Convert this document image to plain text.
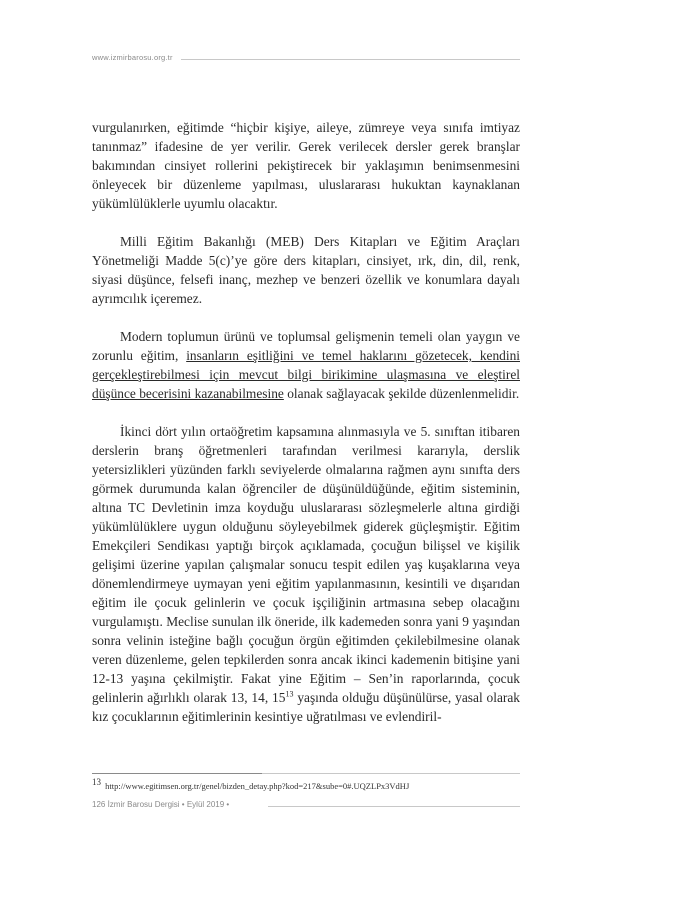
www.izmirbarosu.org.tr

vurgulanırken, eğitimde “hiçbir kişiye, aileye, zümreye veya sınıfa imtiyaz tanınmaz” ifadesine de yer verilir. Gerek verilecek dersler gerek branşlar bakımından cinsiyet rollerini pekiştirecek bir yaklaşımın benimsenmesini önleyecek bir düzenleme yapılması, uluslararası hukuktan kaynaklanan yükümlülüklerle uyumlu olacaktır.

Milli Eğitim Bakanlığı (MEB) Ders Kitapları ve Eğitim Araçları Yönetmeliği Madde 5(c)’ye göre ders kitapları, cinsiyet, ırk, din, dil, renk, siyasi düşünce, felsefi inanç, mezhep ve benzeri özellik ve konumlara dayalı ayrımcılık içeremez.

Modern toplumun ürünü ve toplumsal gelişmenin temeli olan yaygın ve zorunlu eğitim, insanların eşitliğini ve temel haklarını gözetecek, kendini gerçekleştirebilmesi için mevcut bilgi birikimine ulaşmasına ve eleştirel düşünce becerisini kazanabilmesine olanak sağlayacak şekilde düzenlenmelidir.

İkinci dört yılın ortaöğretim kapsamına alınmasıyla ve 5. sınıftan itibaren derslerin branş öğretmenleri tarafından verilmesi kararıyla, derslik yetersizlikleri yüzünden farklı seviyelerde olmalarına rağmen aynı sınıfta ders görmek durumunda kalan öğrenciler de düşünüldüğünde, eğitim sisteminin, altına TC Devletinin imza koyduğu uluslararası sözleşmelerle altına girdiği yükümlülüklere uygun olduğunu söyleyebilmek giderek güçleşmiştir. Eğitim Emekçileri Sendikası yaptığı birçok açıklamada, çocuğun bilişsel ve kişilik gelişimi üzerine yapılan çalışmalar sonucu tespit edilen yaş kuşaklarına veya dönemlendirmeye uymayan yeni eğitim yapılanmasının, kesintili ve dışarıdan eğitim ile çocuk gelinlerin ve çocuk işçiliğinin artmasına sebep olacağını vurgulamıştı. Meclise sunulan ilk öneride, ilk kademeden sonra yani 9 yaşından sonra velinin isteğine bağlı çocuğun örgün eğitimden çekilebilmesine olanak veren düzenleme, gelen tepkilerden sonra ancak ikinci kademenin bitişine yani 12-13 yaşına çekilmiştir. Fakat yine Eğitim – Sen’in raporlarında, çocuk gelinlerin ağırlıklı olarak 13, 14, $15^{13}$ yaşında olduğu düşünülürse, yasal olarak kız çocuklarının eğitimlerinin kesintiye uğratılması ve evlendiril-

$^{13}$ http://www.egitimsen.org.tr/genel/bizden_detay.php?kod=217&sube=0#.UQZLPx3VdHJ
126 İzmir Barosu Dergisi • Eylül 2019 •
